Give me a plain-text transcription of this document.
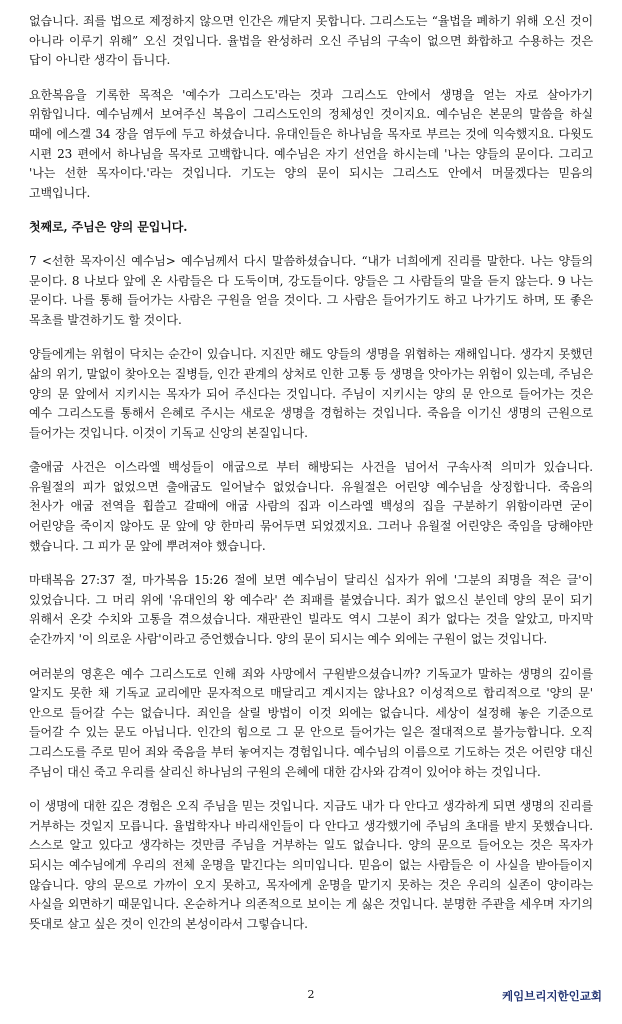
없습니다. 죄를 법으로 제정하지 않으면 인간은 깨닫지 못합니다. 그리스도는 “율법을 폐하기 위해 오신 것이 아니라 이루기 위해” 오신 것입니다. 율법을 완성하러 오신 주님의 구속이 없으면 화합하고 수용하는 것은 답이 아니란 생각이 듭니다.

요한복음을 기록한 목적은 '예수가 그리스도'라는 것과 그리스도 안에서 생명을 얻는 자로 살아가기 위함입니다. 예수님께서 보여주신 복음이 그리스도인의 정체성인 것이지요. 예수님은 본문의 말씀을 하실 때에 에스겔 34 장을 염두에 두고 하셨습니다. 유대인들은 하나님을 목자로 부르는 것에 익숙했지요. 다윗도 시편 23 편에서 하나님을 목자로 고백합니다. 예수님은 자기 선언을 하시는데 '나는 양들의 문이다. 그리고 '나는 선한 목자이다.'라는 것입니다. 기도는 양의 문이 되시는 그리스도 안에서 머물겠다는 믿음의 고백입니다.

첫째로, 주님은 양의 문입니다.

7 <선한 목자이신 예수님> 예수님께서 다시 말씀하셨습니다. “내가 너희에게 진리를 말한다. 나는 양들의 문이다. 8 나보다 앞에 온 사람들은 다 도둑이며, 강도들이다. 양들은 그 사람들의 말을 듣지 않는다. 9 나는 문이다. 나를 통해 들어가는 사람은 구원을 얻을 것이다. 그 사람은 들어가기도 하고 나가기도 하며, 또 좋은 목초를 발견하기도 할 것이다.

양들에게는 위험이 닥치는 순간이 있습니다. 지진만 해도 양들의 생명을 위협하는 재해입니다. 생각지 못했던 삶의 위기, 말없이 찾아오는 질병들, 인간 관계의 상처로 인한 고통 등 생명을 앗아가는 위험이 있는데, 주님은 양의 문 앞에서 지키시는 목자가 되어 주신다는 것입니다. 주님이 지키시는 양의 문 안으로 들어가는 것은 예수 그리스도를 통해서 은혜로 주시는 새로운 생명을 경험하는 것입니다. 죽음을 이기신 생명의 근원으로 들어가는 것입니다. 이것이 기독교 신앙의 본질입니다.

출애굽 사건은 이스라엘 백성들이 애굽으로 부터 해방되는 사건을 넘어서 구속사적 의미가 있습니다. 유월절의 피가 없었으면 출애굽도 일어날수 없었습니다. 유월절은 어린양 예수님을 상징합니다. 죽음의 천사가 애굽 전역을 휩쓸고 갈때에 애굽 사람의 집과 이스라엘 백성의 집을 구분하기 위함이라면 굳이 어린양을 죽이지 않아도 문 앞에 양 한마리 묶어두면 되었겠지요. 그러나 유월절 어린양은 죽임을 당해야만 했습니다. 그 피가 문 앞에 뿌려져야 했습니다.

마태복음 27:37 절, 마가복음 15:26 절에 보면 예수님이 달리신 십자가 위에 '그분의 죄명을 적은 글'이 있었습니다. 그 머리 위에 '유대인의 왕 예수라' 쓴 죄패를 붙였습니다. 죄가 없으신 분인데 양의 문이 되기 위해서 온갖 수치와 고통을 겪으셨습니다. 재판관인 빌라도 역시 그분이 죄가 없다는 것을 알았고, 마지막 순간까지 '이 의로운 사람'이라고 증언했습니다. 양의 문이 되시는 예수 외에는 구원이 없는 것입니다.

여러분의 영혼은 예수 그리스도로 인해 죄와 사망에서 구원받으셨습니까? 기독교가 말하는 생명의 깊이를 알지도 못한 채 기독교 교리에만 문자적으로 매달리고 계시지는 않나요? 이성적으로 합리적으로 '양의 문' 안으로 들어갈 수는 없습니다. 죄인을 살릴 방법이 이것 외에는 없습니다. 세상이 설정해 놓은 기준으로 들어갈 수 있는 문도 아닙니다. 인간의 힘으로 그 문 안으로 들어가는 일은 절대적으로 불가능합니다. 오직 그리스도를 주로 믿어 죄와 죽음을 부터 놓여지는 경험입니다. 예수님의 이름으로 기도하는 것은 어린양 대신 주님이 대신 죽고 우리를 살리신 하나님의 구원의 은혜에 대한 감사와 감격이 있어야 하는 것입니다.

이 생명에 대한 깊은 경험은 오직 주님을 믿는 것입니다. 지금도 내가 다 안다고 생각하게 되면 생명의 진리를 거부하는 것일지 모릅니다. 율법학자나 바리새인들이 다 안다고 생각했기에 주님의 초대를 받지 못했습니다. 스스로 알고 있다고 생각하는 것만큼 주님을 거부하는 일도 없습니다. 양의 문으로 들어오는 것은 목자가 되시는 예수님에게 우리의 전체 운명을 맡긴다는 의미입니다. 믿음이 없는 사람들은 이 사실을 받아들이지 않습니다. 양의 문으로 가까이 오지 못하고, 목자에게 운명을 맡기지 못하는 것은 우리의 실존이 양이라는 사실을 외면하기 때문입니다. 온순하거나 의존적으로 보이는 게 싫은 것입니다. 분명한 주관을 세우며 자기의 뜻대로 살고 싶은 것이 인간의 본성이라서 그렇습니다.

2	케임브리지한인교회
